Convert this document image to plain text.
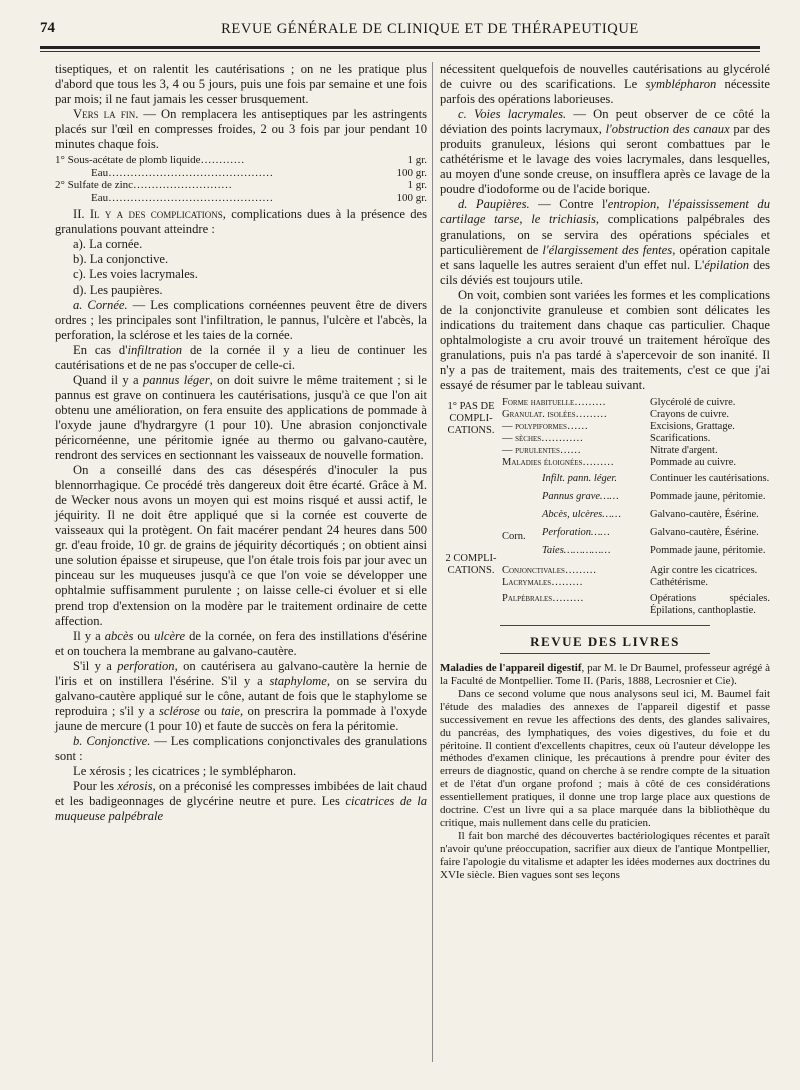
74	REVUE GÉNÉRALE DE CLINIQUE ET DE THÉRAPEUTIQUE

tiseptiques, et on ralentit les cautérisations ; on ne les pratique plus d'abord que tous les 3, 4 ou 5 jours, puis une fois par semaine et une fois par mois; il ne faut jamais les cesser brusquement.

Vers la fin. — On remplacera les antiseptiques par les astringents placés sur l'œil en compresses froides, 2 ou 3 fois par jour pendant 10 minutes chaque fois.

1° Sous-acétate de plomb liquide…………	1 gr.
Eau………………………………………	100 gr.
2° Sulfate de zinc………………………	1 gr.
Eau………………………………………	100 gr.

II. Il y a des complications, complications dues à la présence des granulations pouvant atteindre :

a). La cornée.

b). La conjonctive.

c). Les voies lacrymales.

d). Les paupières.

a. Cornée. — Les complications cornéennes peuvent être de divers ordres ; les principales sont l'infiltration, le pannus, l'ulcère et l'abcès, la perforation, la sclérose et les taies de la cornée.

En cas d'infiltration de la cornée il y a lieu de continuer les cautérisations et de ne pas s'occuper de celle-ci.

Quand il y a pannus léger, on doit suivre le même traitement ; si le pannus est grave on continuera les cautérisations, jusqu'à ce que l'on ait obtenu une amélioration, on fera ensuite des applications de pommade à l'oxyde jaune d'hydrargyre (1 pour 10). Une abrasion conjonctivale péricornéenne, une péritomie ignée au thermo ou galvano-cautère, rendront des services en sectionnant les vaisseaux de nouvelle formation.

On a conseillé dans des cas désespérés d'inoculer la pus blennorrhagique. Ce procédé très dangereux doit être écarté. Grâce à M. de Wecker nous avons un moyen qui est moins risqué et aussi actif, le jéquirity. Il ne doit être appliqué que si la cornée est couverte de vaisseaux qui la protègent. On fait macérer pendant 24 heures dans 500 gr. d'eau froide, 10 gr. de grains de jéquirity décortiqués ; on obtient ainsi une solution épaisse et sirupeuse, que l'on étale trois fois par jour avec un pinceau sur les muqueuses jusqu'à ce que l'on voie se développer une ophtalmie suffisamment purulente ; on laisse celle-ci évoluer et si elle prend trop d'extension on la modère par le traitement ordinaire de cette affection.

Il y a abcès ou ulcère de la cornée, on fera des instillations d'ésérine et on touchera la membrane au galvano-cautère.

S'il y a perforation, on cautérisera au galvano-cautère la hernie de l'iris et on instillera l'ésérine. S'il y a staphylome, on se servira du galvano-cautère appliqué sur le cône, autant de fois que le staphylome se reproduira ; s'il y a sclérose ou taie, on prescrira la pommade à l'oxyde jaune de mercure (1 pour 10) et faute de succès on fera la péritomie.

b. Conjonctive. — Les complications conjonctivales des granulations sont :

Le xérosis ; les cicatrices ; le symblépharon.

Pour les xérosis, on a préconisé les compresses imbibées de lait chaud et les badigeonnages de glycérine neutre et pure. Les cicatrices de la muqueuse palpébrale

nécessitent quelquefois de nouvelles cautérisations au glycérolé de cuivre ou des scarifications. Le symblépharon nécessite parfois des opérations laborieuses.

c. Voies lacrymales. — On peut observer de ce côté la déviation des points lacrymaux, l'obstruction des canaux par des produits granuleux, lésions qui seront combattues par le cathétérisme et le lavage des voies lacrymales, dans lesquelles, au moyen d'une sonde creuse, on insufflera après ce lavage de la poudre d'iodoforme ou de l'acide borique.

d. Paupières. — Contre l'entropion, l'épaississement du cartilage tarse, le trichiasis, complications palpébrales des granulations, on se servira des opérations spéciales et particulièrement de l'élargissement des fentes, opération capitale et sans laquelle les autres seraient d'un effet nul. L'épilation des cils déviés est toujours utile.

On voit, combien sont variées les formes et les complications de la conjonctivite granuleuse et combien sont délicates les indications du traitement dans chaque cas particulier. Chaque ophtalmologiste a cru avoir trouvé un traitement héroïque des granulations, puis n'a pas tardé à s'apercevoir de son inanité. Il n'y a pas de traitement, mais des traitements, c'est ce que j'ai essayé de résumer par le tableau suivant.

1° PAS DE COMPLI-CATIONS.
Forme habituelle………	Glycérolé de cuivre.
Granulat. isolées………	Crayons de cuivre.
— polypiformes……	Excisions, Grattage.
— sèches…………	Scarifications.
— purulentes……	Nitrate d'argent.
Maladies éloignées………	Pommade au cuivre.
2 COMPLI-CATIONS.
Corn.
Infilt. pann. léger.	Continuer les cautérisations.
Pannus grave……	Pommade jaune, péritomie.
Abcès, ulcères……	Galvano-cautère, Ésérine.
Perforation……	Galvano-cautère, Ésérine.
Taies……………	Pommade jaune, péritomie.
Conjonctivales………	Agir contre les cicatrices.
Lacrymales………	Cathétérisme.
Palpébrales………	Opérations spéciales. Épilations, canthoplastie.
REVUE DES LIVRES

Maladies de l'appareil digestif, par M. le Dr Baumel, professeur agrégé à la Faculté de Montpellier. Tome II. (Paris, 1888, Lecrosnier et Cie).

Dans ce second volume que nous analysons seul ici, M. Baumel fait l'étude des maladies des annexes de l'appareil digestif et passe successivement en revue les affections des dents, des glandes salivaires, du pancréas, des lymphatiques, des voies digestives, du foie et du péritoine. Il contient d'excellents chapitres, ceux où l'auteur développe les méthodes d'examen clinique, les précautions à prendre pour éviter des erreurs de diagnostic, quand on cherche à se rendre compte de la situation et de l'état d'un organe profond ; mais à côté de ces considérations essentiellement pratiques, il donne une trop large place aux questions de doctrine. C'est un livre qui a sa place marquée dans la bibliothèque du critique, mais nullement dans celle du praticien.

Il fait bon marché des découvertes bactériologiques récentes et paraît n'avoir qu'une préoccupation, sacrifier aux dieux de l'antique Montpellier, faire l'apologie du vitalisme et adapter les idées modernes aux doctrines du XVIe siècle. Bien vagues sont ses leçons
